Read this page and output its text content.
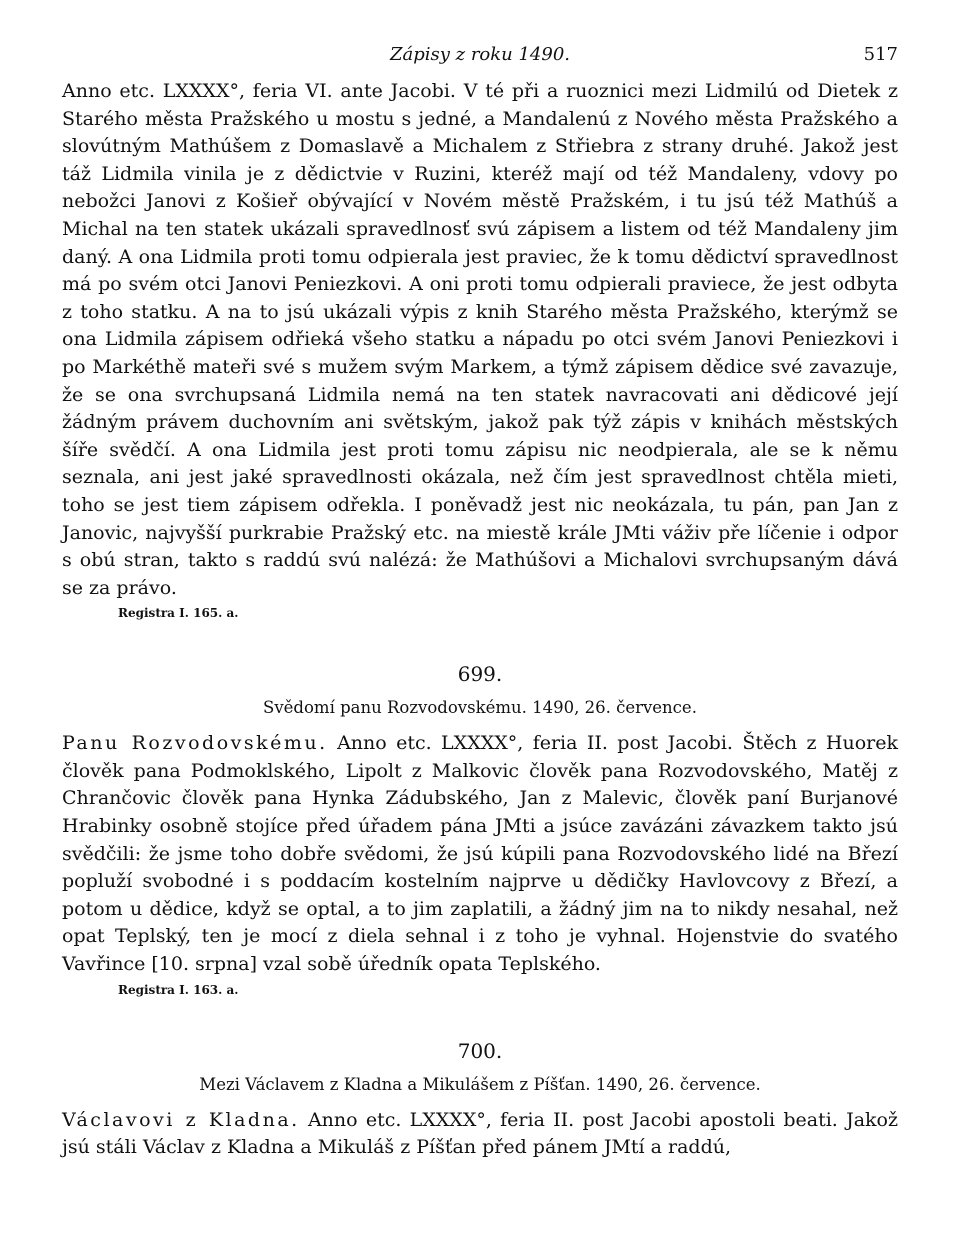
Zápisy z roku 1490.	517

Anno etc. LXXXX°, feria VI. ante Jacobi. V té při a ruoznici mezi Lidmilú od Dietek z Starého města Pražského u mostu s jedné, a Mandalenú z Nového města Pražského a slovútným Mathúšem z Domaslavě a Michalem z Střiebra z strany druhé. Jakož jest táž Lidmila vinila je z dědictvie v Ruzini, kteréž mají od též Mandaleny, vdovy po nebožci Janovi z Košieř obývající v Novém městě Pražském, i tu jsú též Mathúš a Michal na ten statek ukázali spravedlnosť svú zápisem a listem od též Mandaleny jim daný. A ona Lidmila proti tomu odpierala jest praviec, že k tomu dědictví spravedlnost má po svém otci Janovi Peniezkovi. A oni proti tomu odpierali praviece, že jest odbyta z toho statku. A na to jsú ukázali výpis z knih Starého města Pražského, kterýmž se ona Lidmila zápisem odřieká všeho statku a nápadu po otci svém Janovi Peniezkovi i po Markéthě mateři své s mužem svým Markem, a týmž zápisem dědice své zavazuje, že se ona svrchupsaná Lidmila nemá na ten statek navracovati ani dědicové její žádným právem duchovním ani světským, jakož pak týž zápis v knihách městských šíře svědčí. A ona Lidmila jest proti tomu zápisu nic neodpierala, ale se k němu seznala, ani jest jaké spravedlnosti okázala, než čím jest spravedlnost chtěla mieti, toho se jest tiem zápisem odřekla. I poněvadž jest nic neokázala, tu pán, pan Jan z Janovic, najvyšší purkrabie Pražský etc. na miestě krále JMti váživ pře líčenie i odpor s obú stran, takto s raddú svú nalézá: že Mathúšovi a Michalovi svrchupsaným dává se za právo.

Registra I. 165. a.
699.
Svědomí panu Rozvodovskému. 1490, 26. července.

Panu Rozvodovskému. Anno etc. LXXXX°, feria II. post Jacobi. Štěch z Huorek člověk pana Podmoklského, Lipolt z Malkovic člověk pana Rozvodovského, Matěj z Chrančovic člověk pana Hynka Zádubského, Jan z Malevic, člověk paní Burjanové Hrabinky osobně stojíce před úřadem pána JMti a jsúce zavázáni závazkem takto jsú svědčili: že jsme toho dobře svědomi, že jsú kúpili pana Rozvodovského lidé na Březí popluží svobodné i s poddacím kostelním najprve u dědičky Havlovcovy z Březí, a potom u dědice, když se optal, a to jim zaplatili, a žádný jim na to nikdy nesahal, než opat Teplský, ten je mocí z diela sehnal i z toho je vyhnal. Hojenstvie do svatého Vavřince [10. srpna] vzal sobě úředník opata Teplského.

Registra I. 163. a.
700.
Mezi Václavem z Kladna a Mikulášem z Píšťan. 1490, 26. července.

Václavovi z Kladna. Anno etc. LXXXX°, feria II. post Jacobi apostoli beati. Jakož jsú stáli Václav z Kladna a Mikuláš z Píšťan před pánem JMtí a raddú,
